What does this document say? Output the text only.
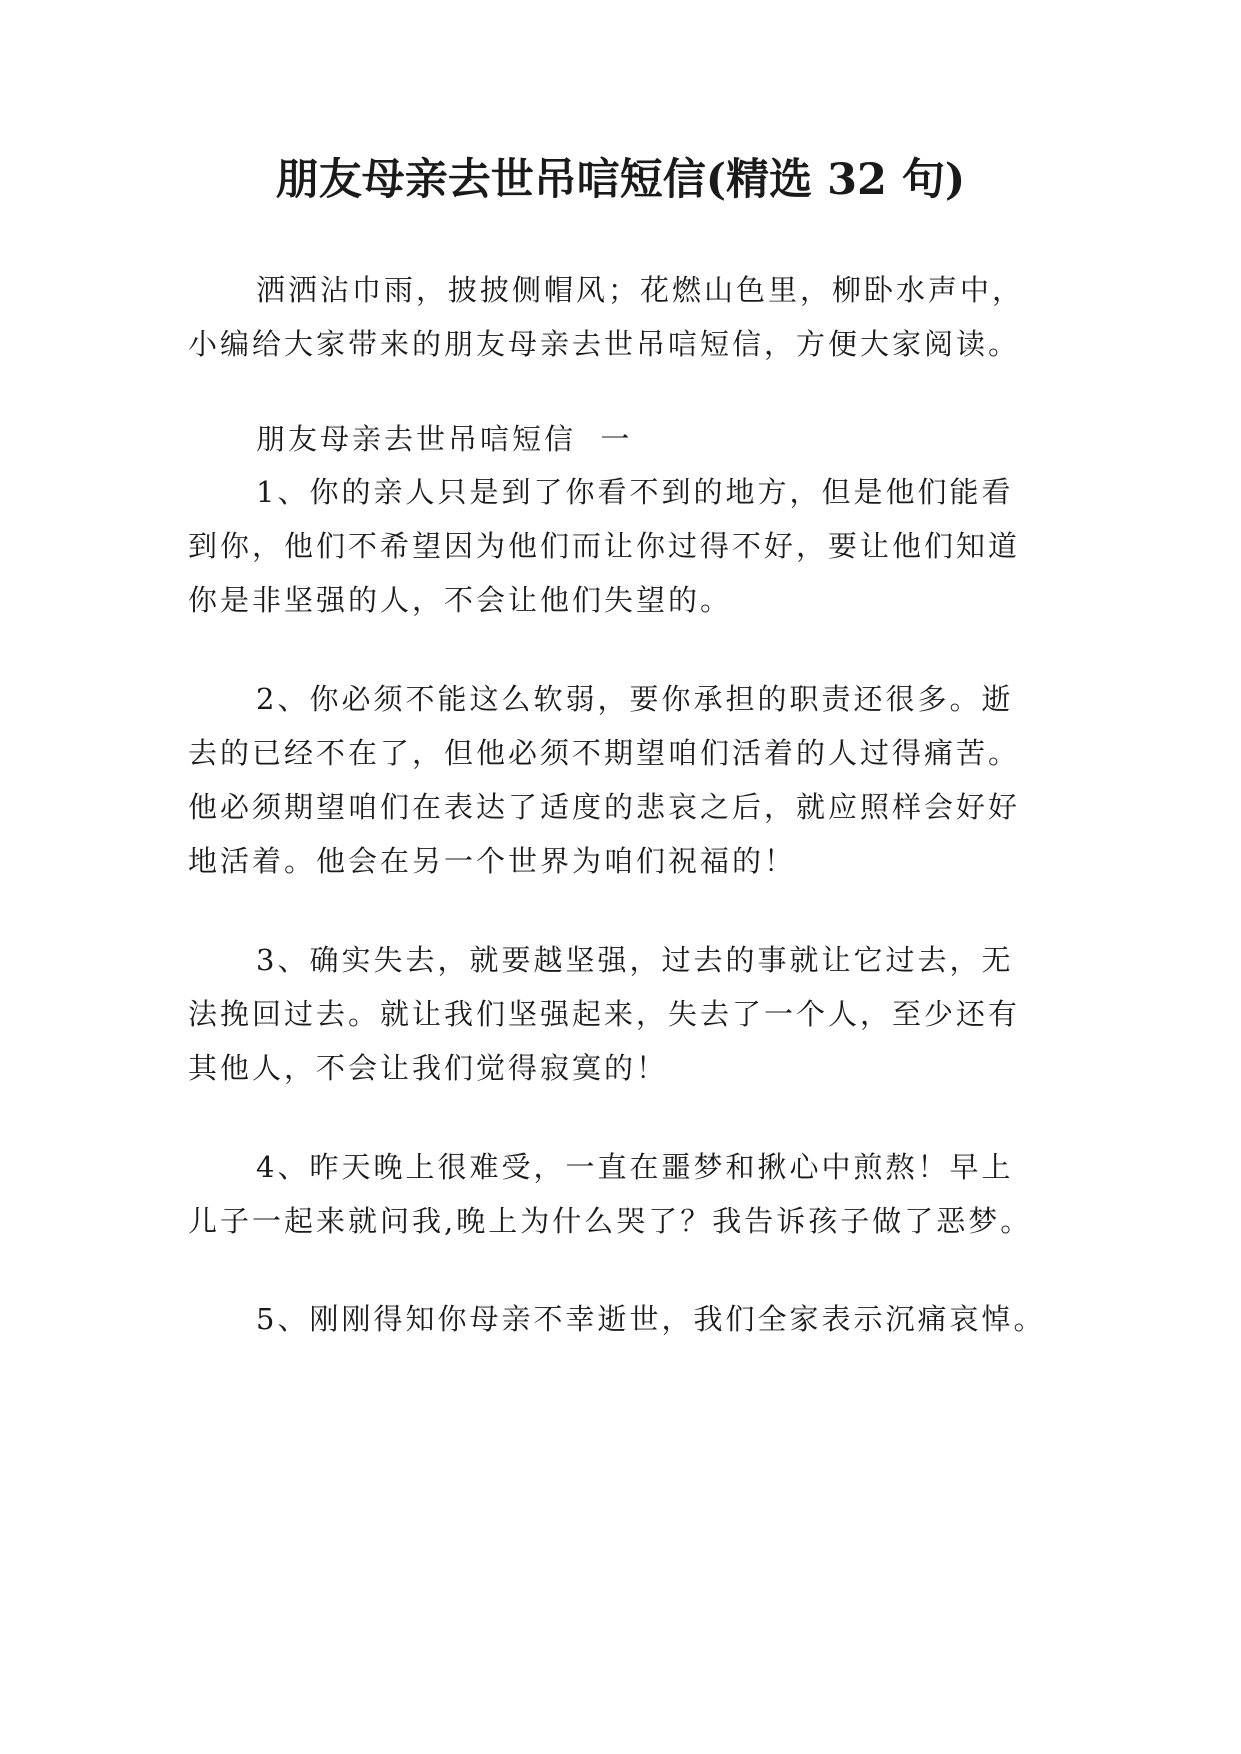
朋友母亲去世吊唁短信(精选 32 句)

洒洒沾巾雨，披披侧帽风；花燃山色里，柳卧水声中，
小编给大家带来的朋友母亲去世吊唁短信，方便大家阅读。

朋友母亲去世吊唁短信  一

1、你的亲人只是到了你看不到的地方，但是他们能看
到你，他们不希望因为他们而让你过得不好，要让他们知道
你是非坚强的人，不会让他们失望的。

2、你必须不能这么软弱，要你承担的职责还很多。逝
去的已经不在了，但他必须不期望咱们活着的人过得痛苦。
他必须期望咱们在表达了适度的悲哀之后，就应照样会好好
地活着。他会在另一个世界为咱们祝福的！

3、确实失去，就要越坚强，过去的事就让它过去，无
法挽回过去。就让我们坚强起来，失去了一个人，至少还有
其他人，不会让我们觉得寂寞的！

4、昨天晚上很难受，一直在噩梦和揪心中煎熬！早上
儿子一起来就问我,晚上为什么哭了？我告诉孩子做了恶梦。

5、刚刚得知你母亲不幸逝世，我们全家表示沉痛哀悼。
